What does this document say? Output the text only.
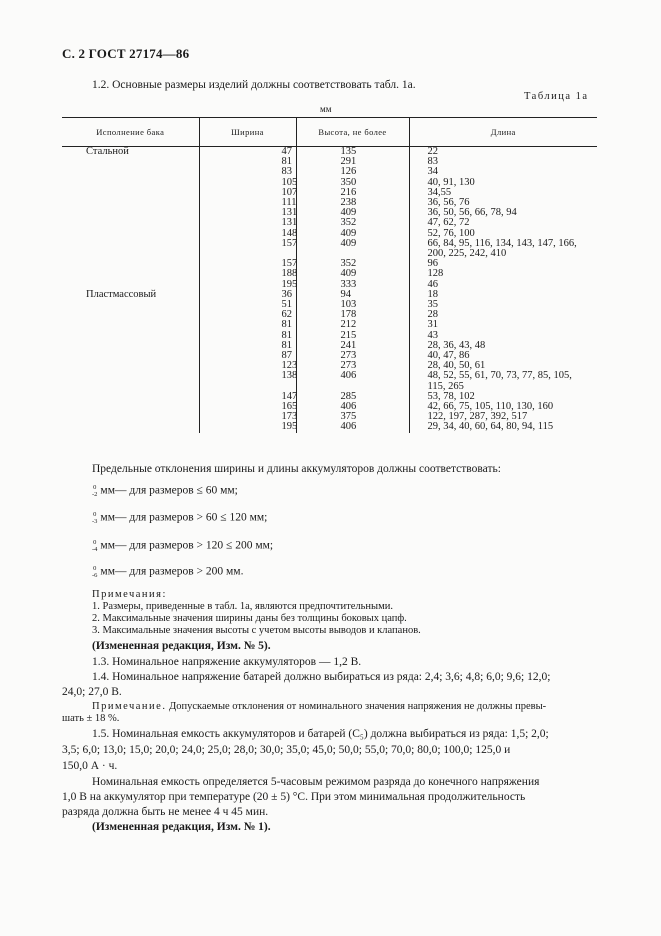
С. 2 ГОСТ 27174—86
1.2. Основные размеры изделий должны соответствовать табл. 1а.
Таблица 1а
мм
Исполнение бака	Ширина	Высота, не более	Длина
Стальной	47	135	22

	81	291	83

	83	126	34

	105	350	40, 91, 130

	107	216	34,55

	111	238	36, 56, 76

	131	409	36, 50, 56, 66, 78, 94

	131	352	47, 62, 72

	148	409	52, 76, 100

	157	409	66, 84, 95, 116, 134, 143, 147, 166,
200, 225, 242, 410

	157	352	96

	188	409	128

	195	333	46

Пластмассовый	36	94	18

	51	103	35

	62	178	28

	81	212	31

	81	215	43

	81	241	28, 36, 43, 48

	87	273	40, 47, 86

	123	273	28, 40, 50, 61

	138	406	48, 52, 55, 61, 70, 73, 77, 85, 105,
115, 265

	147	285	53, 78, 102

	165	406	42, 66, 75, 105, 110, 130, 160

	173	375	122, 197, 287, 392, 517

	195	406	29, 34, 40, 60, 64, 80, 94, 115
Предельные отклонения ширины и длины аккумуляторов должны соответствовать:
0
-2 мм— для размеров ≤ 60 мм;
0
-3 мм— для размеров > 60 ≤ 120 мм;
0
-4 мм— для размеров > 120 ≤ 200 мм;
0
-6 мм— для размеров > 200 мм.
Примечания:
1. Размеры, приведенные в табл. 1а, являются предпочтительными.
2. Максимальные значения ширины даны без толщины боковых цапф.
3. Максимальные значения высоты с учетом высоты выводов и клапанов.
(Измененная редакция, Изм. № 5).
1.3. Номинальное напряжение аккумуляторов — 1,2 В.
1.4. Номинальное напряжение батарей должно выбираться из ряда: 2,4; 3,6; 4,8; 6,0; 9,6; 12,0;
24,0; 27,0 В.
Примечание. Допускаемые отклонения от номинального значения напряжения не должны превы-
шать ± 18 %.
1.5. Номинальная емкость аккумуляторов и батарей (C₅) должна выбираться из ряда: 1,5; 2,0;
3,5; 6,0; 13,0; 15,0; 20,0; 24,0; 25,0; 28,0; 30,0; 35,0; 45,0; 50,0; 55,0; 70,0; 80,0; 100,0; 125,0 и
150,0 А · ч.
Номинальная емкость определяется 5-часовым режимом разряда до конечного напряжения
1,0 В на аккумулятор при температуре (20 ± 5) °С. При этом минимальная продолжительность
разряда должна быть не менее 4 ч 45 мин.
(Измененная редакция, Изм. № 1).
